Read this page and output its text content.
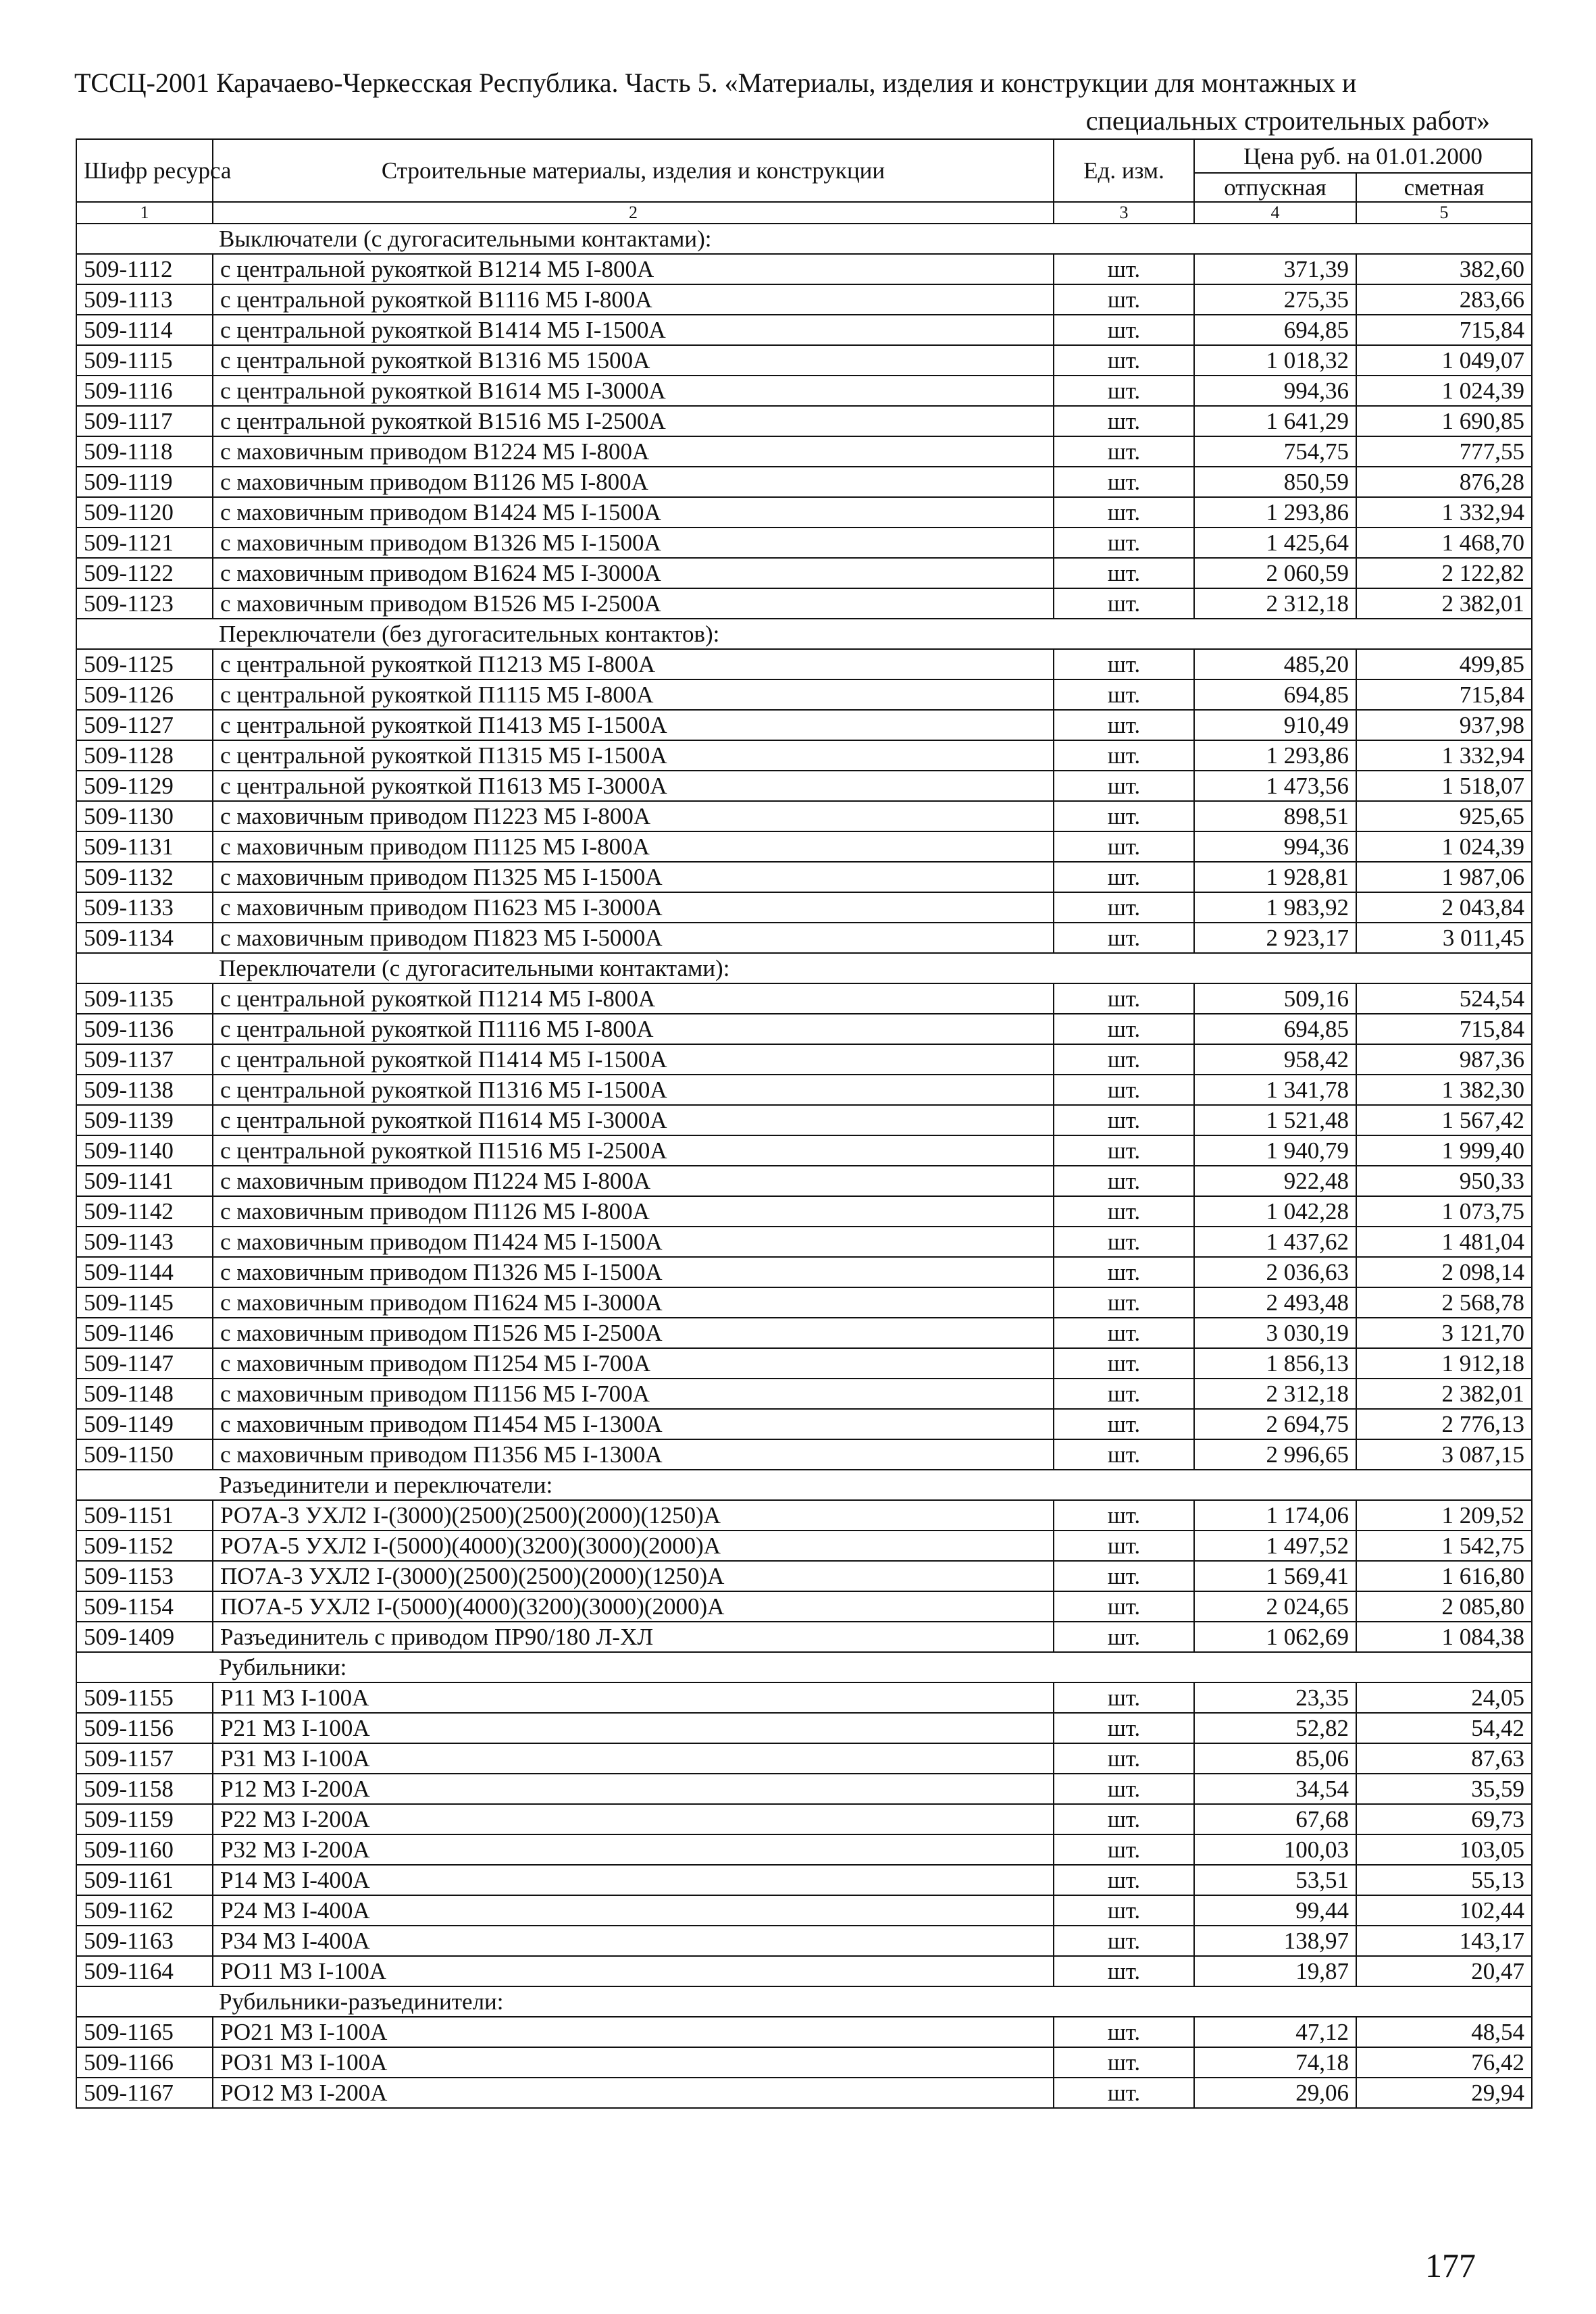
ТССЦ-2001 Карачаево-Черкесская Республика. Часть 5. «Материалы, изделия и конструкции для монтажных и
специальных строительных работ»
Шифр ресурса	Строительные материалы, изделия и конструкции	Ед. изм.	Цена руб. на 01.01.2000	
			отпускная	сметная
1	2	3	4	5
Выключатели (с дугогасительными контактами):				
509-1112	с центральной рукояткой В1214 М5 I-800А	шт.	371,39	382,60
509-1113	с центральной рукояткой В1116 М5 I-800А	шт.	275,35	283,66
509-1114	с центральной рукояткой В1414 М5 I-1500А	шт.	694,85	715,84
509-1115	с центральной рукояткой В1316 М5 1500А	шт.	1 018,32	1 049,07
509-1116	с центральной рукояткой В1614 М5 I-3000А	шт.	994,36	1 024,39
509-1117	с центральной рукояткой В1516 М5 I-2500А	шт.	1 641,29	1 690,85
509-1118	с маховичным приводом В1224 М5 I-800А	шт.	754,75	777,55
509-1119	с маховичным приводом В1126 М5 I-800А	шт.	850,59	876,28
509-1120	с маховичным приводом В1424 М5 I-1500А	шт.	1 293,86	1 332,94
509-1121	с маховичным приводом В1326 М5 I-1500А	шт.	1 425,64	1 468,70
509-1122	с маховичным приводом В1624 М5 I-3000А	шт.	2 060,59	2 122,82
509-1123	с маховичным приводом В1526 М5 I-2500А	шт.	2 312,18	2 382,01
Переключатели (без дугогасительных контактов):				
509-1125	с центральной рукояткой П1213 М5 I-800А	шт.	485,20	499,85
509-1126	с центральной рукояткой П1115 М5 I-800А	шт.	694,85	715,84
509-1127	с центральной рукояткой П1413 М5 I-1500А	шт.	910,49	937,98
509-1128	с центральной рукояткой П1315 М5 I-1500А	шт.	1 293,86	1 332,94
509-1129	с центральной рукояткой П1613 М5 I-3000А	шт.	1 473,56	1 518,07
509-1130	с маховичным приводом П1223 М5 I-800А	шт.	898,51	925,65
509-1131	с маховичным приводом П1125 М5 I-800А	шт.	994,36	1 024,39
509-1132	с маховичным приводом П1325 М5 I-1500А	шт.	1 928,81	1 987,06
509-1133	с маховичным приводом П1623 М5 I-3000А	шт.	1 983,92	2 043,84
509-1134	с маховичным приводом П1823 М5 I-5000А	шт.	2 923,17	3 011,45
Переключатели (с дугогасительными контактами):				
509-1135	с центральной рукояткой П1214 М5 I-800А	шт.	509,16	524,54
509-1136	с центральной рукояткой П1116 М5 I-800А	шт.	694,85	715,84
509-1137	с центральной рукояткой П1414 М5 I-1500А	шт.	958,42	987,36
509-1138	с центральной рукояткой П1316 М5 I-1500А	шт.	1 341,78	1 382,30
509-1139	с центральной рукояткой П1614 М5 I-3000А	шт.	1 521,48	1 567,42
509-1140	с центральной рукояткой П1516 М5 I-2500А	шт.	1 940,79	1 999,40
509-1141	с маховичным приводом П1224 М5 I-800А	шт.	922,48	950,33
509-1142	с маховичным приводом П1126 М5 I-800А	шт.	1 042,28	1 073,75
509-1143	с маховичным приводом П1424 М5 I-1500А	шт.	1 437,62	1 481,04
509-1144	с маховичным приводом П1326 М5 I-1500А	шт.	2 036,63	2 098,14
509-1145	с маховичным приводом П1624 М5 I-3000А	шт.	2 493,48	2 568,78
509-1146	с маховичным приводом П1526 М5 I-2500А	шт.	3 030,19	3 121,70
509-1147	с маховичным приводом П1254 М5 I-700А	шт.	1 856,13	1 912,18
509-1148	с маховичным приводом П1156 М5 I-700А	шт.	2 312,18	2 382,01
509-1149	с маховичным приводом П1454 М5 I-1300А	шт.	2 694,75	2 776,13
509-1150	с маховичным приводом П1356 М5 I-1300А	шт.	2 996,65	3 087,15
Разъединители и переключатели:				
509-1151	РО7А-3 УХЛ2 I-(3000)(2500)(2500)(2000)(1250)А	шт.	1 174,06	1 209,52
509-1152	РО7А-5 УХЛ2 I-(5000)(4000)(3200)(3000)(2000)А	шт.	1 497,52	1 542,75
509-1153	ПО7А-3 УХЛ2 I-(3000)(2500)(2500)(2000)(1250)А	шт.	1 569,41	1 616,80
509-1154	ПО7А-5 УХЛ2 I-(5000)(4000)(3200)(3000)(2000)А	шт.	2 024,65	2 085,80
509-1409	Разъединитель с приводом ПР90/180 Л-ХЛ	шт.	1 062,69	1 084,38
Рубильники:				
509-1155	Р11 М3 I-100А	шт.	23,35	24,05
509-1156	Р21 М3 I-100А	шт.	52,82	54,42
509-1157	Р31 М3 I-100А	шт.	85,06	87,63
509-1158	Р12 М3 I-200А	шт.	34,54	35,59
509-1159	Р22 М3 I-200А	шт.	67,68	69,73
509-1160	Р32 М3 I-200А	шт.	100,03	103,05
509-1161	Р14 М3 I-400А	шт.	53,51	55,13
509-1162	Р24 М3 I-400А	шт.	99,44	102,44
509-1163	Р34 М3 I-400А	шт.	138,97	143,17
509-1164	РО11 М3 I-100А	шт.	19,87	20,47
Рубильники-разъединители:				
509-1165	РО21 М3 I-100А	шт.	47,12	48,54
509-1166	РО31 М3 I-100А	шт.	74,18	76,42
509-1167	РО12 М3 I-200А	шт.	29,06	29,94
177
